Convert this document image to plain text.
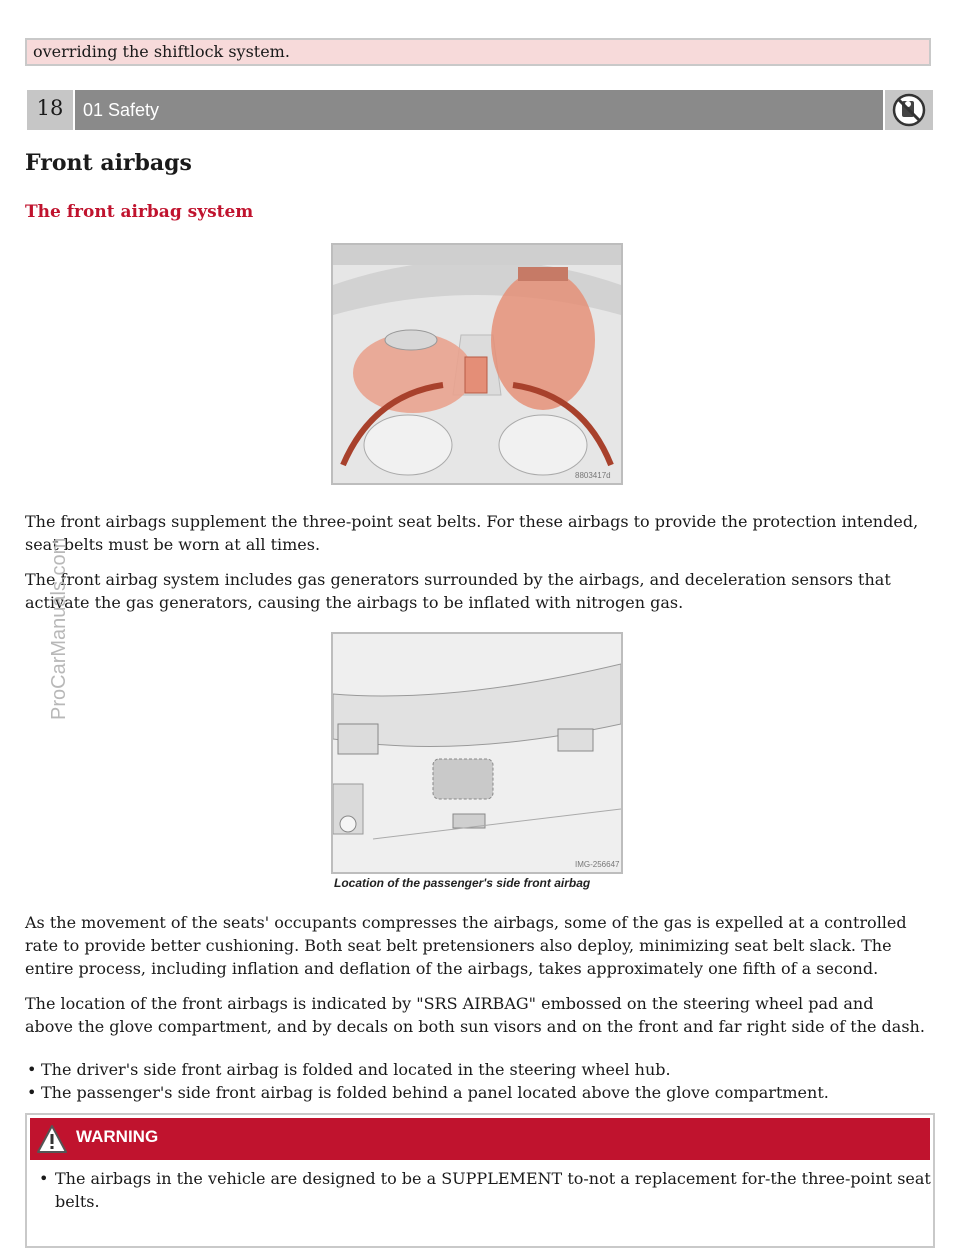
overriding the shiftlock system.
18	01 Safety
Front airbags
The front airbag system
8803417d

The front airbags supplement the three-point seat belts. For these airbags to provide the protection intended, seat belts must be worn at all times.

The front airbag system includes gas generators surrounded by the airbags, and deceleration sensors that activate the gas generators, causing the airbags to be inflated with nitrogen gas.

IMG-256647

Location of the passenger's side front airbag

As the movement of the seats' occupants compresses the airbags, some of the gas is expelled at a controlled rate to provide better cushioning. Both seat belt pretensioners also deploy, minimizing seat belt slack. The entire process, including inflation and deflation of the airbags, takes approximately one fifth of a second.

The location of the front airbags is indicated by "SRS AIRBAG" embossed on the steering wheel pad and above the glove compartment, and by decals on both sun visors and on the front and far right side of the dash.

• The driver's side front airbag is folded and located in the steering wheel hub.
• The passenger's side front airbag is folded behind a panel located above the glove compartment.
WARNING
• The airbags in the vehicle are designed to be a SUPPLEMENT to-not a replacement for-the three-point seat belts.
ProCarManuals.com
